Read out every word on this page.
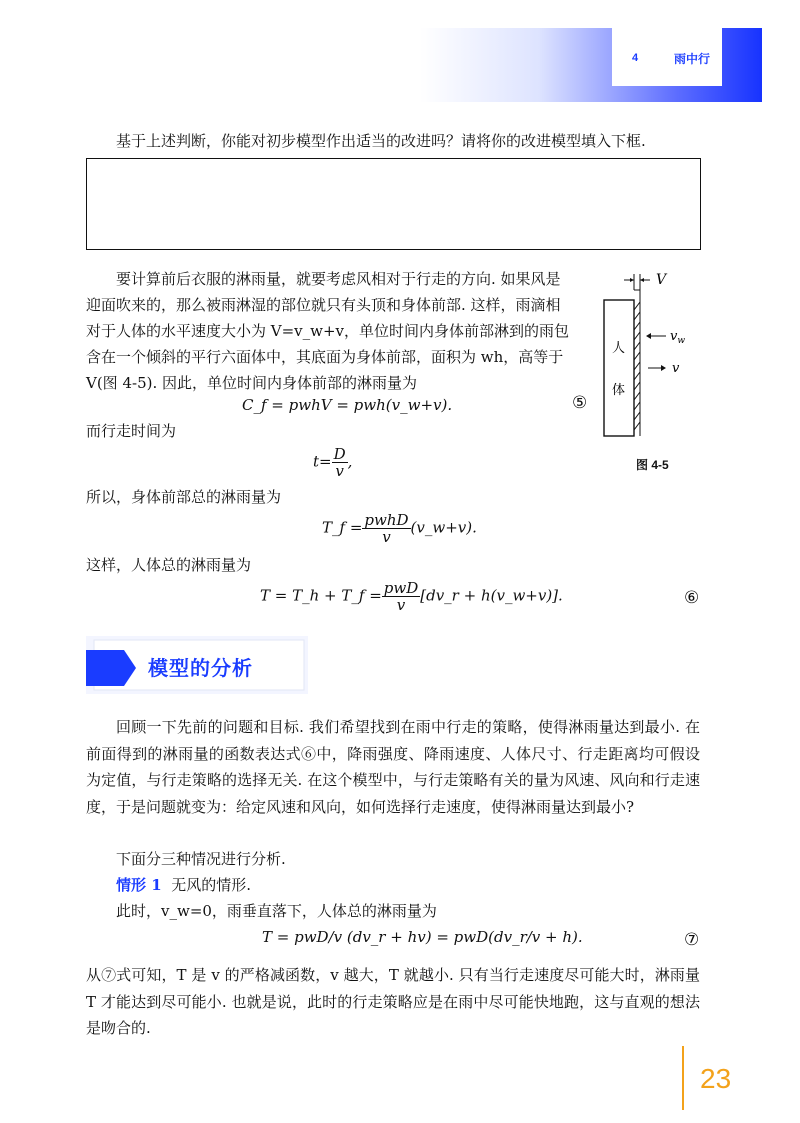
4	雨中行
基于上述判断，你能对初步模型作出适当的改进吗？请将你的改进模型填入下框.
要计算前后衣服的淋雨量，就要考虑风相对于行走的方向. 如果风是
迎面吹来的，那么被雨淋湿的部位就只有头顶和身体前部. 这样，雨滴相
对于人体的水平速度大小为 V=v_w+v，单位时间内身体前部淋到的雨包
含在一个倾斜的平行六面体中，其底面为身体前部，面积为 wh，高等于
V(图 4-5). 因此，单位时间内身体前部的淋雨量为
C_f = pwhV = pwh(v_w+v).	⑤
而行走时间为
$t= \frac{D}{v}$ ,
所以，身体前部总的淋雨量为
T_f = $\frac{\text{pwhD}}{v}$ (v_w+v).
这样，人体总的淋雨量为
T = T_h + T_f = $\frac{\text{pwD}}{v}$ [dv_r + h(v_w+v)].	⑥
V
人
体
$v_w$
v
图 4-5
模型的分析
回顾一下先前的问题和目标. 我们希望找到在雨中行走的策略，使得淋雨量达到最小. 在前面得到的淋雨量的函数表达式⑥中，降雨强度、降雨速度、人体尺寸、行走距离均可假设为定值，与行走策略的选择无关. 在这个模型中，与行走策略有关的量为风速、风向和行走速度，于是问题就变为：给定风速和风向，如何选择行走速度，使得淋雨量达到最小?
下面分三种情况进行分析.
情形 1 无风的情形.
此时，v_w=0，雨垂直落下，人体总的淋雨量为
T = pwD/v (dv_r + hv) = pwD(dv_r/v + h).	⑦
从⑦式可知，T 是 v 的严格减函数，v 越大，T 就越小. 只有当行走速度尽可能大时，淋雨量 T 才能达到尽可能小. 也就是说，此时的行走策略应是在雨中尽可能快地跑，这与直观的想法是吻合的.
23
